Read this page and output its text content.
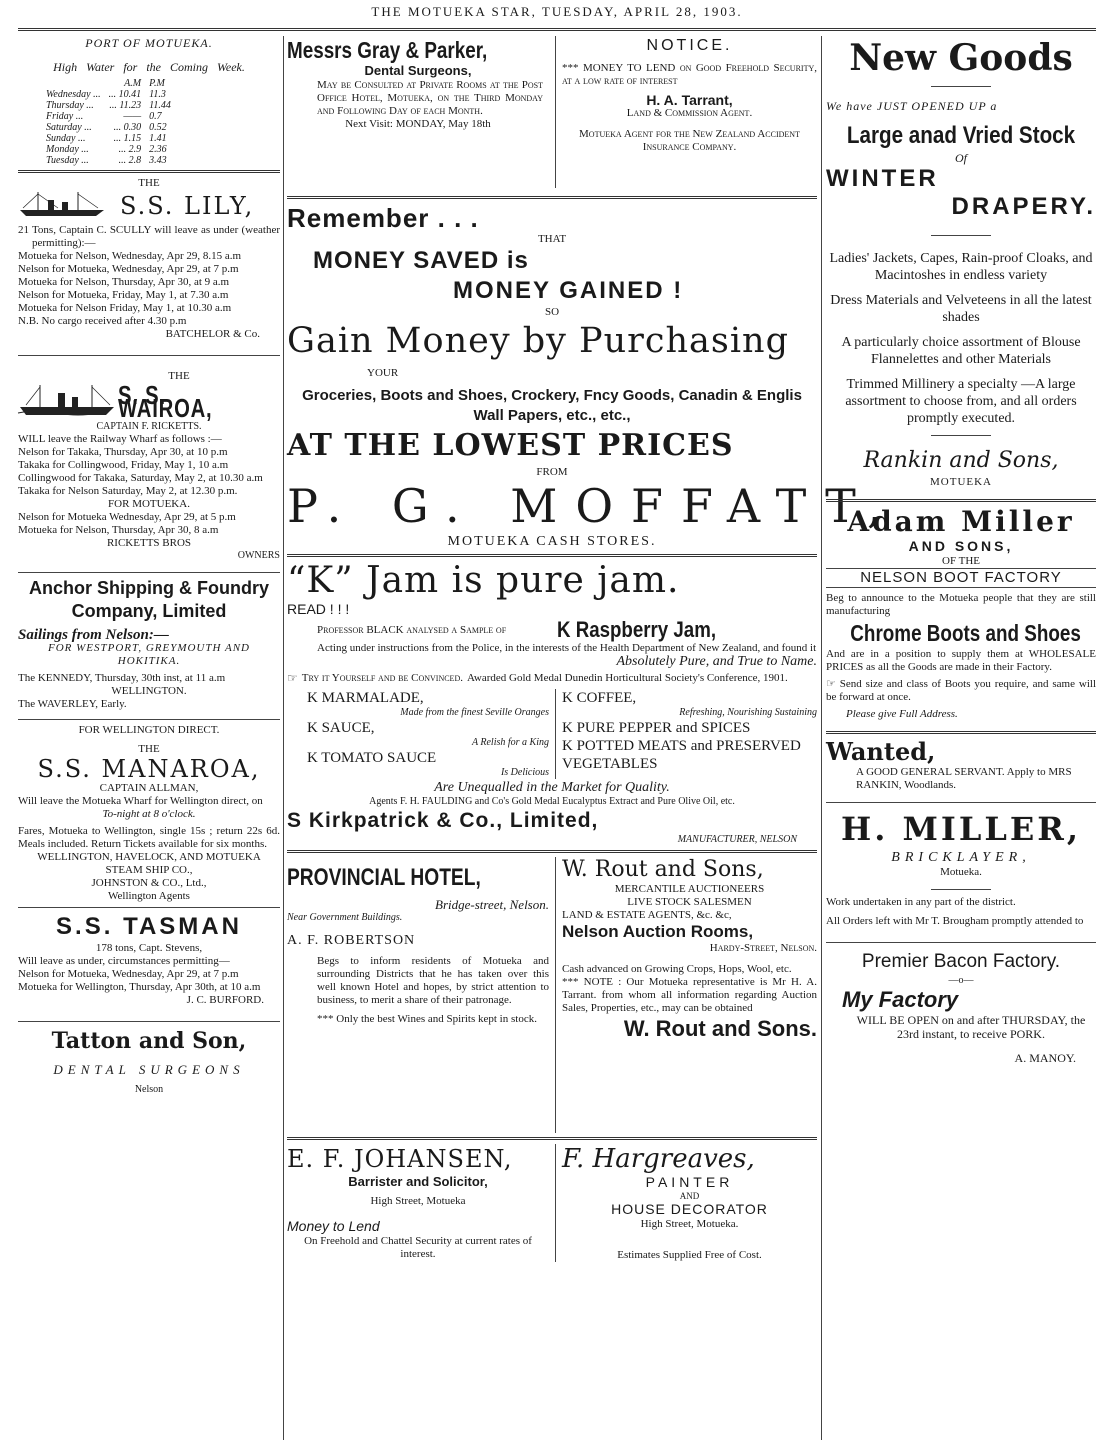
THE MOTUEKA STAR, TUESDAY, APRIL 28, 1903.
PORT OF MOTUEKA.
High Water for the Coming Week.
	A.M	P.M
Wednesday ...	... 10.41	11.3
Thursday ...	... 11.23	11.44
Friday ...	——	0.7
Saturday ...	... 0.30	0.52
Sunday ...	... 1.15	1.41
Monday ...	... 2.9	2.36
Tuesday ...	... 2.8	3.43
THE
S.S. LILY,
21 Tons, Captain C. SCULLY will leave as under (weather permitting):—
Motueka for Nelson, Wednesday, Apr 29, 8.15 a.m
Nelson for Motueka, Wednesday, Apr 29, at 7 p.m
Motueka for Nelson, Thursday, Apr 30, at 9 a.m
Nelson for Motueka, Friday, May 1, at 7.30 a.m
Motueka for Nelson Friday, May 1, at 10.30 a.m
N.B. No cargo received after 4.30 p.m
BATCHELOR & Co.
THE
S. S. WAIROA,
CAPTAIN F. RICKETTS.
WILL leave the Railway Wharf as follows :—
Nelson for Takaka, Thursday, Apr 30, at 10 p.m
Takaka for Collingwood, Friday, May 1, 10 a.m
Collingwood for Takaka, Saturday, May 2, at 10.30 a.m
Takaka for Nelson Saturday, May 2, at 12.30 p.m.
FOR MOTUEKA.
Nelson for Motueka Wednesday, Apr 29, at 5 p.m
Motueka for Nelson, Thursday, Apr 30, 8 a.m
RICKETTS BROS
OWNERS
Anchor Shipping & Foundry
Company, Limited
Sailings from Nelson:—
FOR WESTPORT, GREYMOUTH AND HOKITIKA.
The KENNEDY, Thursday, 30th inst, at 11 a.m
WELLINGTON.
The WAVERLEY, Early.
FOR WELLINGTON DIRECT.
THE
S.S. MANAROA,
CAPTAIN ALLMAN,
Will leave the Motueka Wharf for Wellington direct, on
To-night at 8 o'clock.
Fares, Motueka to Wellington, single 15s ; return 22s 6d. Meals included. Return Tickets available for six months.
WELLINGTON, HAVELOCK, AND MOTUEKA STEAM SHIP CO.,
JOHNSTON & CO., Ltd.,
Wellington Agents
S.S. TASMAN
178 tons, Capt. Stevens,
Will leave as under, circumstances permitting—
Nelson for Motueka, Wednesday, Apr 29, at 7 p.m
Motueka for Wellington, Thursday, Apr 30th, at 10 a.m
J. C. BURFORD.
Tatton and Son,
DENTAL SURGEONS
Nelson
Messrs Gray & Parker,
Dental Surgeons,
May be Consulted at Private Rooms at the Post Office Hotel, Motueka, on the Third Monday and Following Day of each Month.
Next Visit: MONDAY, May 18th
NOTICE.
*** MONEY TO LEND on Good Freehold Security, at a low rate of interest
H. A. Tarrant,
Land & Commission Agent.
Motueka Agent for the New Zealand Accident Insurance Company.
Remember . . .
THAT
MONEY SAVED is
MONEY GAINED !
SO
Gain Money by Purchasing
YOUR
Groceries, Boots and Shoes, Crockery, Fncy Goods, Canadin & Englis Wall Papers, etc., etc.,
AT THE LOWEST PRICES
FROM
P. G. MOFFATT,
MOTUEKA CASH STORES.
“K” Jam is pure jam.
READ ! ! !
Professor BLACK analysed a Sample of	K Raspberry Jam,
Acting under instructions from the Police, in the interests of the Health Department of New Zealand, and found it
Absolutely Pure, and True to Name.
☞ Try it Yourself and be Convinced. Awarded Gold Medal Dunedin Horticultural Society's Conference, 1901.
K MARMALADE,
Made from the finest Seville Oranges
K SAUCE,
A Relish for a King
K TOMATO SAUCE
Is Delicious
K COFFEE,
Refreshing, Nourishing Sustaining
K PURE PEPPER and SPICES
K POTTED MEATS and PRESERVED VEGETABLES
Are Unequalled in the Market for Quality.
Agents F. H. FAULDING and Co's Gold Medal Eucalyptus Extract and Pure Olive Oil, etc.
S Kirkpatrick & Co., Limited,
MANUFACTURER, NELSON
PROVINCIAL HOTEL,
Bridge-street, Nelson.
Near Government Buildings.
A. F. ROBERTSON
Begs to inform residents of Motueka and surrounding Districts that he has taken over this well known Hotel and hopes, by strict attention to business, to merit a share of their patronage.
*** Only the best Wines and Spirits kept in stock.
W. Rout and Sons,
MERCANTILE AUCTIONEERS
LIVE STOCK SALESMEN
LAND & ESTATE AGENTS, &c. &c,
Nelson Auction Rooms,
Hardy-Street, Nelson.
Cash advanced on Growing Crops, Hops, Wool, etc.
*** NOTE : Our Motueka representative is Mr H. A. Tarrant. from whom all information regarding Auction Sales, Properties, etc., may can be obtained
W. Rout and Sons.
E. F. JOHANSEN,
Barrister and Solicitor,
High Street, Motueka
Money to Lend
On Freehold and Chattel Security at current rates of interest.
F. Hargreaves,
PAINTER
AND
HOUSE DECORATOR
High Street, Motueka.
Estimates Supplied Free of Cost.
New Goods
We have JUST OPENED UP a
Large anad Vried Stock
Of
WINTER
DRAPERY.
Ladies' Jackets, Capes, Rain-proof Cloaks, and Macintoshes in endless variety
Dress Materials and Velveteens in all the latest shades
A particularly choice assortment of Blouse Flannelettes and other Materials
Trimmed Millinery a specialty —A large assortment to choose from, and all orders promptly executed.
Rankin and Sons,
MOTUEKA
Adam Miller
AND SONS,
OF THE
NELSON BOOT FACTORY
Beg to announce to the Motueka people that they are still manufacturing
Chrome Boots and Shoes
And are in a position to supply them at WHOLESALE PRICES as all the Goods are made in their Factory.
☞ Send size and class of Boots you require, and same will be forward at once.
Please give Full Address.
Wanted,
A GOOD GENERAL SERVANT. Apply to MRS RANKIN, Woodlands.
H. MILLER,
BRICKLAYER,
Motueka.
Work undertaken in any part of the district.
All Orders left with Mr T. Brougham promptly attended to
Premier Bacon Factory.
—o—
My Factory
WILL BE OPEN on and after THURSDAY, the 23rd instant, to receive PORK.
A. MANOY.
